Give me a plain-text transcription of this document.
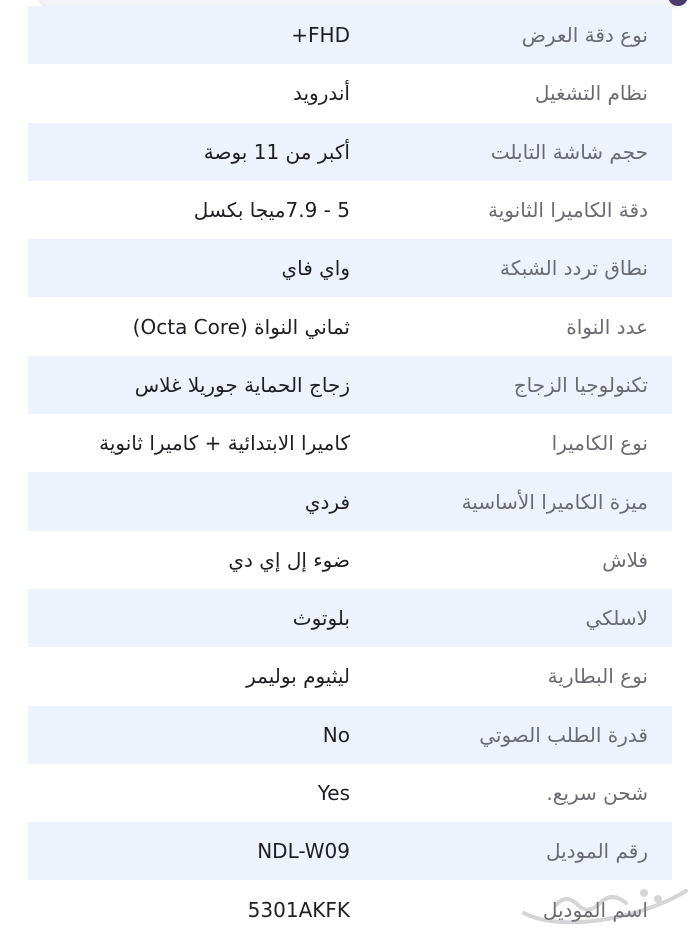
نوع دقة العرض
FHD+
نظام التشغيل
أندرويد
حجم شاشة التابلت
أكبر من 11 بوصة
دقة الكاميرا الثانوية
5 - 7.9ميجا بكسل
نطاق تردد الشبكة
واي فاي
عدد النواة
ثماني النواة (Octa Core)
تكنولوجيا الزجاج
زجاج الحماية جوريلا غلاس
نوع الكاميرا
كاميرا الابتدائية + كاميرا ثانوية
ميزة الكاميرا الأساسية
فردي
فلاش
ضوء إل إي دي
لاسلكي
بلوتوث
نوع البطارية
ليثيوم بوليمر
قدرة الطلب الصوتي
No
شحن سريع.
Yes
رقم الموديل
NDL-W09
اسم الموديل
5301AKFK
